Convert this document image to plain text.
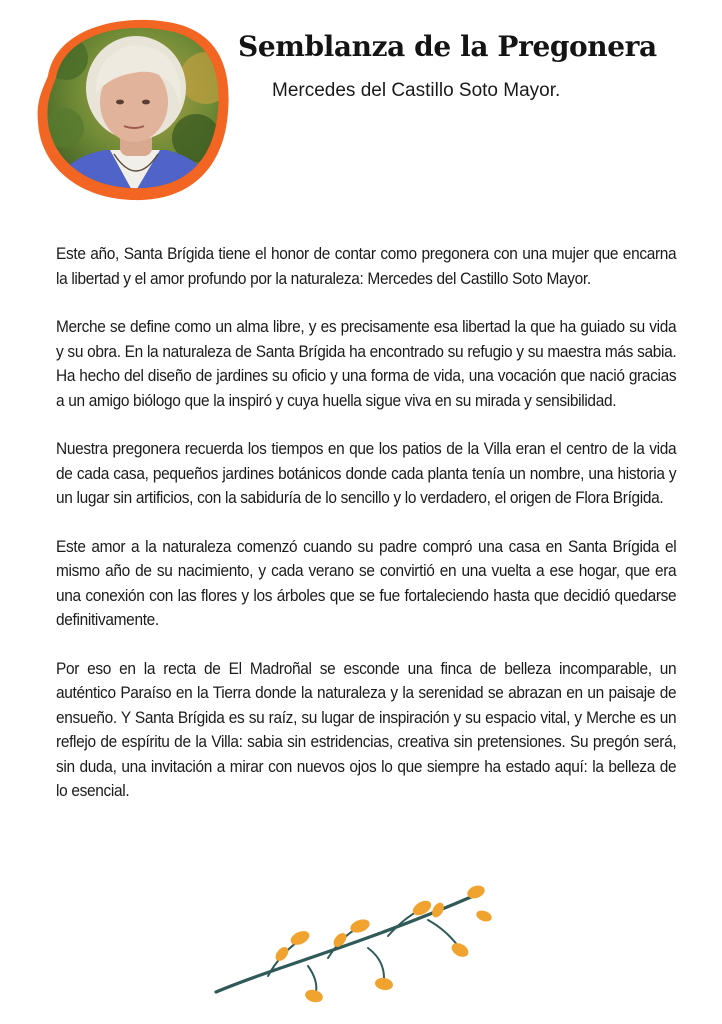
Semblanza de la Pregonera

Mercedes del Castillo Soto Mayor.

Este año, Santa Brígida tiene el honor de contar como pregonera con una mujer que encarna la libertad y el amor profundo por la naturaleza: Mercedes del Castillo Soto Mayor.

Merche se define como un alma libre, y es precisamente esa libertad la que ha guiado su vida y su obra. En la naturaleza de Santa Brígida ha encontrado su refugio y su maestra más sabia. Ha hecho del diseño de jardines su oficio y una forma de vida, una vocación que nació gracias a un amigo biólogo que la inspiró y cuya huella sigue viva en su mirada y sensibilidad.

Nuestra pregonera recuerda los tiempos en que los patios de la Villa eran el centro de la vida de cada casa, pequeños jardines botánicos donde cada planta tenía un nombre, una historia y un lugar sin artificios, con la sabiduría de lo sencillo y lo verdadero, el origen de Flora Brígida.

Este amor a la naturaleza comenzó cuando su padre compró una casa en Santa Brígida el mismo año de su nacimiento, y cada verano se convirtió en una vuelta a ese hogar, que era una conexión con las flores y los árboles que se fue fortaleciendo hasta que decidió quedarse definitivamente.

Por eso en la recta de El Madroñal se esconde una finca de belleza incomparable, un auténtico Paraíso en la Tierra donde la naturaleza y la serenidad se abrazan en un paisaje de ensueño. Y Santa Brígida es su raíz, su lugar de inspiración y su espacio vital, y Merche es un reflejo de espíritu de la Villa: sabia sin estridencias, creativa sin pretensiones. Su pregón será, sin duda, una invitación a mirar con nuevos ojos lo que siempre ha estado aquí: la belleza de lo esencial.
